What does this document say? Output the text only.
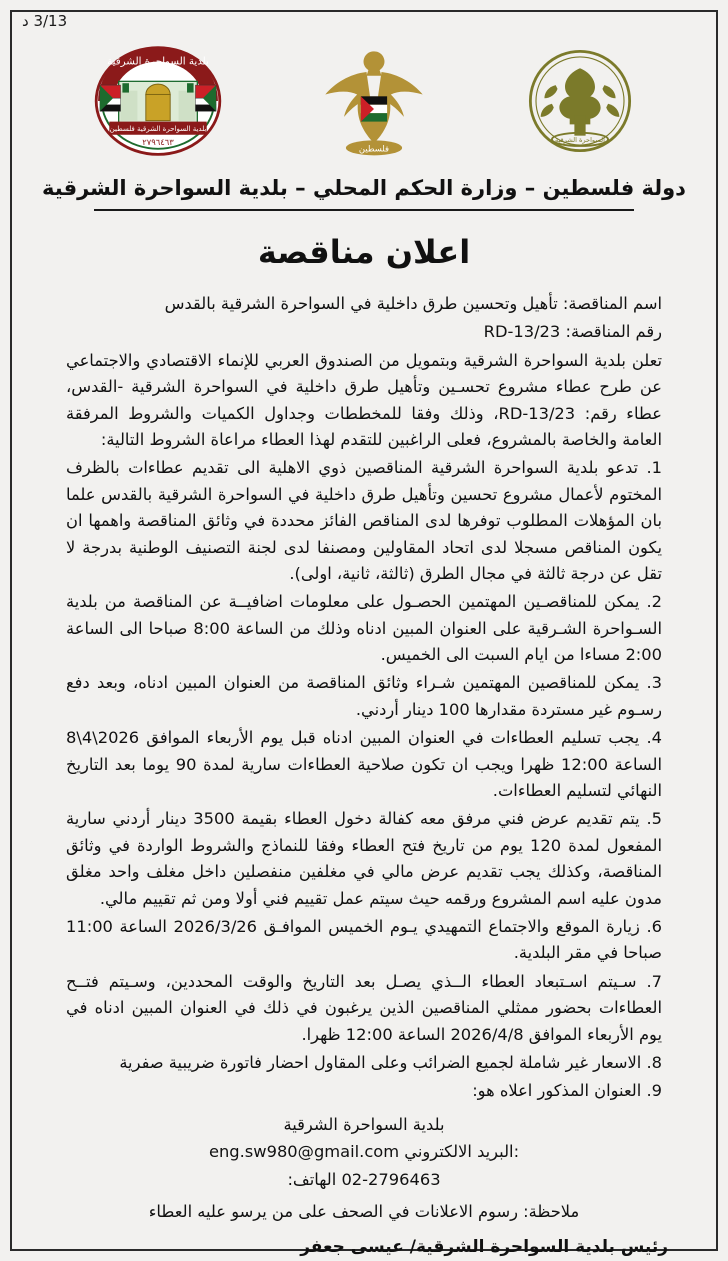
3/13 د
بلدية السواحرة الشرقية
بلدية السواحرة الشرقية فلسطين
٢٧٩٦٤٦٣
فلسطين
السواحرة الشرقية
دولة فلسطين – وزارة الحكم المحلي – بلدية السواحرة الشرقية
اعلان مناقصة

اسم المناقصة: تأهيل وتحسين طرق داخلية في السواحرة الشرقية بالقدس

رقم المناقصة: RD-13/23

تعلن بلدية السواحرة الشرقية وبتمويل من الصندوق العربي للإنماء الاقتصادي والاجتماعي عن طرح عطاء مشروع تحسـين وتأهيل طرق داخلية في السواحرة الشرقية -القدس، عطاء رقم: RD-13/23، وذلك وفقا للمخططات وجداول الكميات والشروط المرفقة العامة والخاصة بالمشروع، فعلى الراغبين للتقدم لهذا العطاء مراعاة الشروط التالية:

1. تدعو بلدية السواحرة الشرقية المناقصين ذوي الاهلية الى تقديم عطاءات بالظرف المختوم لأعمال مشروع تحسين وتأهيل طرق داخلية في السواحرة الشرقية بالقدس علما بان المؤهلات المطلوب توفرها لدى المناقص الفائز محددة في وثائق المناقصة واهمها ان يكون المناقص مسجلا لدى اتحاد المقاولين ومصنفا لدى لجنة التصنيف الوطنية بدرجة لا تقل عن درجة ثالثة في مجال الطرق (ثالثة، ثانية، اولى).

2. يمكن للمناقصـين المهتمين الحصـول على معلومات اضافيــة عن المناقصة من بلدية السـواحرة الشـرقية على العنوان المبين ادناه وذلك من الساعة 8:00 صباحا الى الساعة 2:00 مساءا من ايام السبت الى الخميس.

3. يمكن للمناقصين المهتمين شـراء وثائق المناقصة من العنوان المبين ادناه، وبعد دفع رسـوم غير مستردة مقدارها 100 دينار أردني.

4. يجب تسليم العطاءات في العنوان المبين ادناه قبل يوم الأربعاء الموافق 2026\4\8 الساعة 12:00 ظهرا ويجب ان تكون صلاحية العطاءات سارية لمدة 90 يوما بعد التاريخ النهائي لتسليم العطاءات.

5. يتم تقديم عرض فني مرفق معه كفالة دخول العطاء بقيمة 3500 دينار أردني سارية المفعول لمدة 120 يوم من تاريخ فتح العطاء وفقا للنماذج والشروط الواردة في وثائق المناقصة، وكذلك يجب تقديم عرض مالي في مغلفين منفصلين داخل مغلف واحد مغلق مدون عليه اسم المشروع ورقمه حيث سيتم عمل تقييم فني أولا ومن ثم تقييم مالي.

6. زيارة الموقع والاجتماع التمهيدي يـوم الخميس الموافـق 2026/3/26 الساعة 11:00 صباحا في مقر البلدية.

7. سـيتم اسـتبعاد العطاء الــذي يصـل بعد التاريخ والوقت المحددين، وسـيتم فتــح العطاءات بحضور ممثلي المناقصين الذين يرغبون في ذلك في العنوان المبين ادناه في يوم الأربعاء الموافق 2026/4/8 الساعة 12:00 ظهرا.

8. الاسعار غير شاملة لجميع الضرائب وعلى المقاول احضار فاتورة ضريبية صفرية

9. العنوان المذكور اعلاه هو:

بلدية السواحرة الشرقية
eng.sw980@gmail.com البريد الالكتروني:
02-2796463 الهاتف:
ملاحظة: رسوم الاعلانات في الصحف على من يرسو عليه العطاء
رئيس بلدية السواحرة الشرقية/ عيسى جعفر
